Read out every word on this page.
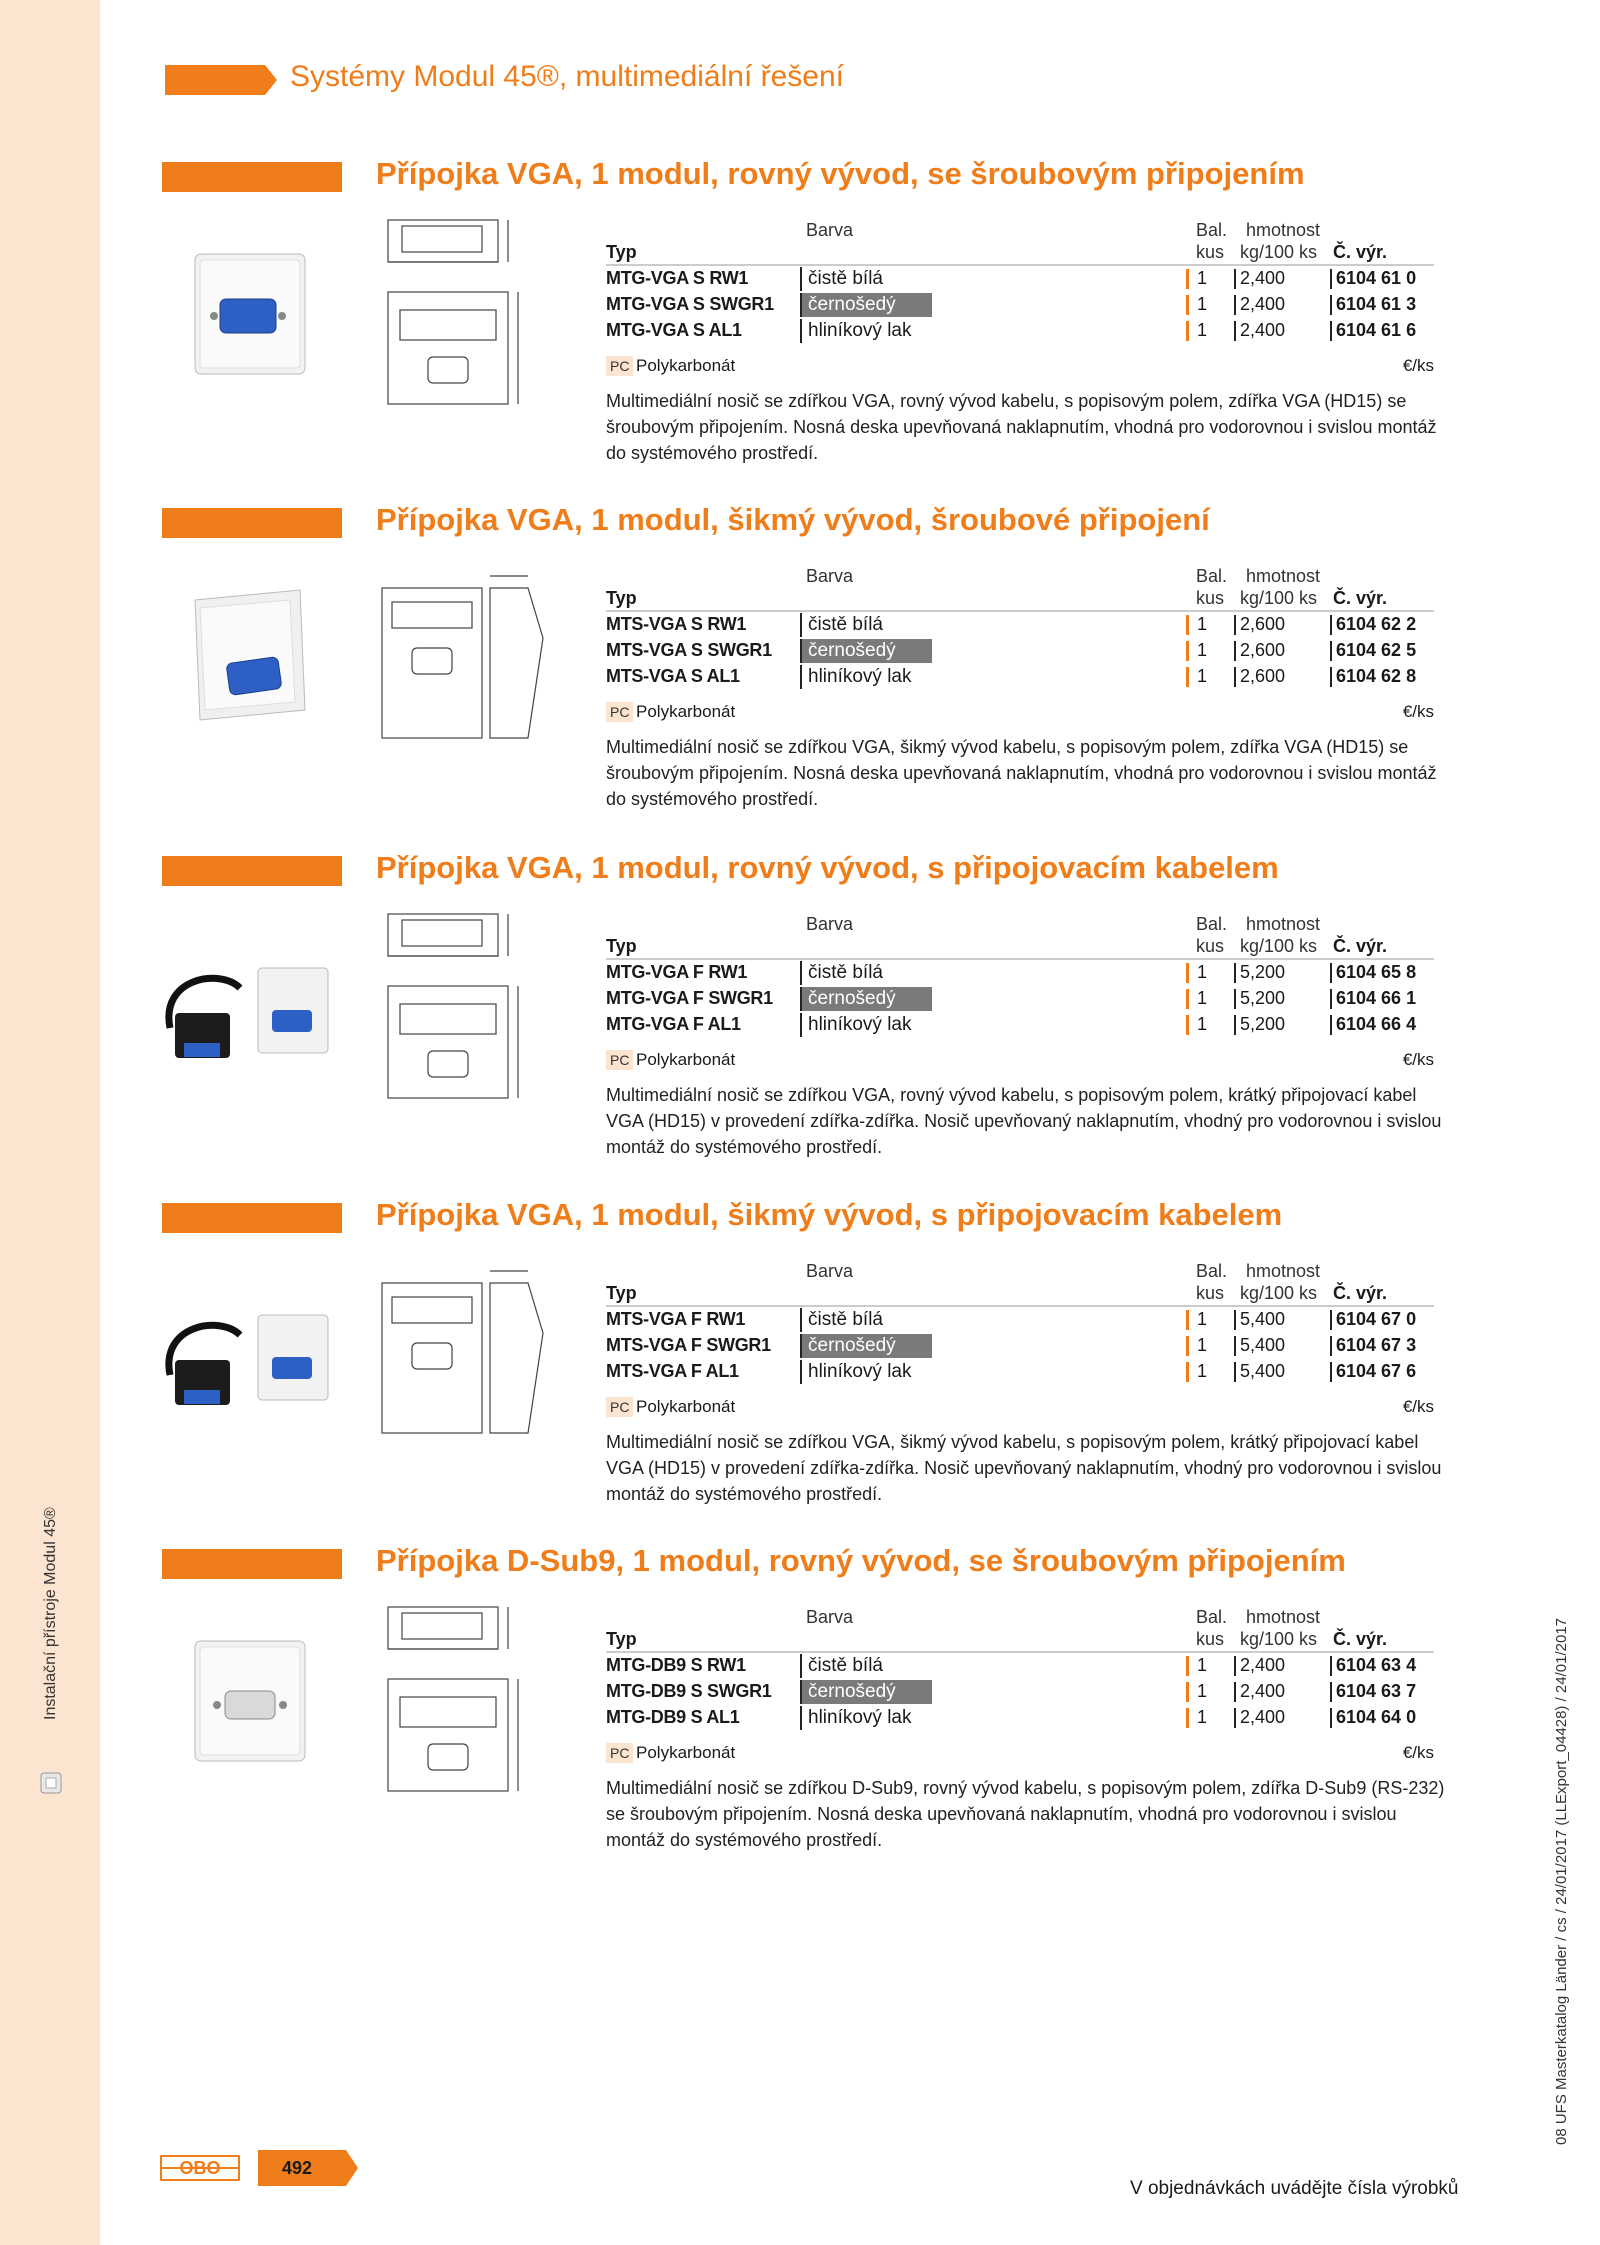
Instalační přístroje Modul 45®
Systémy Modul 45®, multimediální řešení
Přípojka VGA, 1 modul, rovný vývod, se šroubovým připojením
Barva	Bal. hmotnost
Typ	kus kg/100 ks Č. výr.
MTG-VGA S RW1	čistě bílá	1 2,400	6104 61 0
MTG-VGA S SWGR1	černošedý	1 2,400	6104 61 3
MTG-VGA S AL1	hliníkový lak	1 2,400	6104 61 6
PC Polykarbonát	€/ks
Multimediální nosič se zdířkou VGA, rovný vývod kabelu, s popisovým polem, zdířka VGA (HD15) se šroubovým připojením. Nosná deska upevňovaná naklapnutím, vhodná pro vodorovnou i svislou montáž do systémového prostředí.
Přípojka VGA, 1 modul, šikmý vývod, šroubové připojení
Barva	Bal. hmotnost
Typ	kus kg/100 ks Č. výr.
MTS-VGA S RW1	čistě bílá	1 2,600	6104 62 2
MTS-VGA S SWGR1	černošedý	1 2,600	6104 62 5
MTS-VGA S AL1	hliníkový lak	1 2,600	6104 62 8
PC Polykarbonát	€/ks
Multimediální nosič se zdířkou VGA, šikmý vývod kabelu, s popisovým polem, zdířka VGA (HD15) se šroubovým připojením. Nosná deska upevňovaná naklapnutím, vhodná pro vodorovnou i svislou montáž do systémového prostředí.
Přípojka VGA, 1 modul, rovný vývod, s připojovacím kabelem
Barva	Bal. hmotnost
Typ	kus kg/100 ks Č. výr.
MTG-VGA F RW1	čistě bílá	1 5,200	6104 65 8
MTG-VGA F SWGR1	černošedý	1 5,200	6104 66 1
MTG-VGA F AL1	hliníkový lak	1 5,200	6104 66 4
PC Polykarbonát	€/ks
Multimediální nosič se zdířkou VGA, rovný vývod kabelu, s popisovým polem, krátký připojovací kabel VGA (HD15) v provedení zdířka-zdířka. Nosič upevňovaný naklapnutím, vhodný pro vodorovnou i svislou montáž do systémového prostředí.
Přípojka VGA, 1 modul, šikmý vývod, s připojovacím kabelem
Barva	Bal. hmotnost
Typ	kus kg/100 ks Č. výr.
MTS-VGA F RW1	čistě bílá	1 5,400	6104 67 0
MTS-VGA F SWGR1	černošedý	1 5,400	6104 67 3
MTS-VGA F AL1	hliníkový lak	1 5,400	6104 67 6
PC Polykarbonát	€/ks
Multimediální nosič se zdířkou VGA, šikmý vývod kabelu, s popisovým polem, krátký připojovací kabel VGA (HD15) v provedení zdířka-zdířka. Nosič upevňovaný naklapnutím, vhodný pro vodorovnou i svislou montáž do systémového prostředí.
Přípojka D-Sub9, 1 modul, rovný vývod, se šroubovým připojením
Barva	Bal. hmotnost
Typ	kus kg/100 ks Č. výr.
MTG-DB9 S RW1	čistě bílá	1 2,400	6104 63 4
MTG-DB9 S SWGR1	černošedý	1 2,400	6104 63 7
MTG-DB9 S AL1	hliníkový lak	1 2,400	6104 64 0
PC Polykarbonát	€/ks
Multimediální nosič se zdířkou D-Sub9, rovný vývod kabelu, s popisovým polem, zdířka D-Sub9 (RS-232) se šroubovým připojením. Nosná deska upevňovaná naklapnutím, vhodná pro vodorovnou i svislou montáž do systémového prostředí.
OBO	492
V objednávkách uvádějte čísla výrobků
08 UFS Masterkatalog Länder / cs / 24/01/2017 (LLExport_04428) / 24/01/2017
